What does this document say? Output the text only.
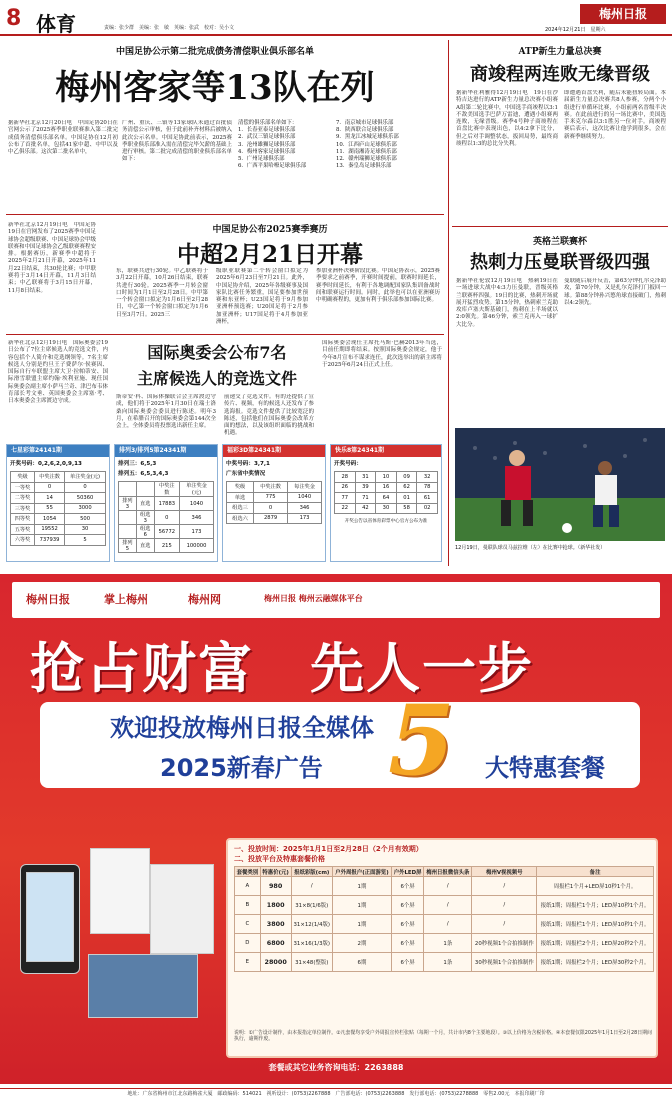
8 体育	责编：张少群　美编：张　敏　英编：张武　校对：吴小文
梅州日报
2024年12月21日　星期六
中国足协公示第二批完成债务清偿职业俱乐部名单
梅州客家等13队在列
据新华社北京12月20日电　中国足协20日在官网公示了2025赛季职业联赛准入第二批完成债务清偿俱乐部名单。中国足协在12月初公布了首批名单，包括41家中超、中甲以及中乙俱乐部。这次第二批名单中，
广州、重庆、三镇等13家球队未通过首批债务清偿公示审核，但于此前补齐材料后被纳入此次公示名单。中国足协此前表示，2025赛季职业俱乐部准入需在清偿完毕欠薪的基础上进行审核。第二批完成清偿的职业俱乐部名单如下：
清偿的俱乐部名单如下：
1．长春亚泰足球俱乐部
2．武汉三镇足球俱乐部
3．沧州雄狮足球俱乐部
4．梅州客家足球俱乐部
5．广州足球俱乐部
6．广西平果哈嘹足球俱乐部
7．南京城市足球俱乐部
8．陕西联合足球俱乐部
9．黑龙江冰城足球俱乐部
10．江西庐山足球俱乐部
11．湖南湘涛足球俱乐部
12．赣州瑞狮足球俱乐部
13．秦皇岛足球俱乐部
中国足协公布2025赛季赛历
中超2月21日开幕
新华社北京12月19日电　中国足协19日在官网发布了2025赛季中国足球协会超级联赛、中国足球协会甲级联赛和中国足球协会乙级联赛赛程安排。根据赛历，新赛季中超将于2025年2月21日开幕，2025年11月22日结束，共30轮比赛；中甲联赛将于3月14日开幕，11月3日结束；中乙联赛将于3月15日开幕，11月8日结束。
东，联赛共进行30轮。中乙联赛将于3月22日开幕，10月26日结束，联赛共进行30轮。2025赛季一月转会窗口时间为1月1日至2月28日。中甲第一个转会窗口拟定为1月6日至2月28日，中乙第一个转会窗口拟定为1月6日至3月7日。2025三
级职业联赛第二个转会窗口拟定为2025年6月23日至7月21日。此外，中国足协介绍，2025年各级赛事及国家队比赛任务繁重，国足要参加世预赛和东亚杯；U23国足将于9月参加亚洲杯预选赛；U20国足将于2月参加亚洲杯；U17国足将于4月参加亚洲杯，
参加亚洲杯决赛阶段比赛。中国足协表示，2025赛季要求之前赛季，开赛时间提前，联赛时间延长，赛季时间延长，有利于各地调配国家队集训备战时间和联赛运行时间。同时，此举也可以在亚洲赛历中明确赛程的，更加有利于俱乐部参加国际比赛。
新华社北京12月19日电　国际奥委会19日公布了7位主席候选人的竞选文件，内容包括个人简介和竞选纲领等。7名主席候选人分别是约旦王子费萨尔·侯赛因、国际自行车联盟主席大卫·拉帕蒂安、国际滑雪联盟主席约翰·埃利亚施、现任国际奥委会副主席小萨马兰奇、津巴布韦体育部长考文垂、英国奥委会主席塞·考、日本奥委会主席渡边守成。
国际奥委会公布7名
主席候选人的竞选文件
斯蒂安·科、国际体操联合会主席渡边守成，他们将于2025年1月30日在瑞士洛桑向国际奥委会委员进行陈述。明年3月，在希腊召开的国际奥委会第144次全会上，全体委员将投票选出新任主席。
前递交了竞选文件。有的还提供了宣传片、视频，有的候选人还发布了参选海报。竞选文件提供了比较宽泛的陈述，包括他们在国际奥委会改革方面的想法，以及该组织面临的挑战和机遇。
国际奥委会现任主席托马斯·巴赫2013年当选，目前任期即将结束。按照国际奥委会规定，他于今年8月宣布不谋求连任，此次选举出的新主席将于2025年6月24日正式上任。
七星彩第24141期
开奖号码：0,2,6,2,0,9,13
奖级	中奖注数	单注奖金(元)
一等奖	0	0
二等奖	14	50360
三等奖	55	3000
四等奖	1054	500
五等奖	19552	30
六等奖	737939	5
排列3/排列5第24341期
排列三：6,5,3
排列五：6,5,3,4,3
		中奖注数	单注奖金(元)
排列3	直选	17883	1040
	组选3	0	346
	组选6	56772	173
排列5	直选	215	100000
福彩3D第24341期
中奖号码：3,7,1
广东省中奖情况
奖级	中奖注数	每注奖金
单选	775	1040
组选三	0	346
组选六	2879	173
快乐8第24341期
开奖号码：
28	31	10	09	32
26	39	16	62	78
77	71	64	01	61
22	42	30	58	02
开奖公告以省体育彩票中心官方公布为准
ATP新生力量总决赛
商竣程两连败无缘晋级
据新华社利雅得12月19日电　19日在沙特吉达进行的ATP新生力量总决赛小组赛A组第二轮比赛中，中国选手商竣程以3:1不敌美国选手巴萨万雷迪，遭遇小组赛两连败，无缘晋级。赛季4号种子商竣程在首盘比赛中表现出色，以4:2拿下比分，但之后对手调整状态，扳回局势，最终商竣程以1:3的总比分失利。
即遭遇首盘失利，随后未能扭转局面。本届新生力量总决赛共8人参赛，分两个小组进行单循环比赛，小组前两名晋级半决赛。在此前进行的另一场比赛中，美国选手米克尔森以3:1胜另一位对手。商竣程赛后表示，这次比赛让他学到很多，会在新赛季继续努力。
英格兰联赛杯
热刺力压曼联晋级四强
据新华社伦敦12月19日电　热刺19日在一场进球大战中4:3力压曼联，晋级英格兰联赛杯四强。19日的比赛，热刺开场就展开猛烈攻势。第15分钟，热刺索兰克助攻库卢塞夫斯基破门，热刺在上半场就以2:0领先。第46分钟，索兰克再入一球扩大比分。
曼联随后展开反击，第63分钟扎尔克泽助攻，第70分钟，又是扎尔克泽打门扳回一球。第88分钟孙兴慜角球直接破门，热刺以4:2领先。
12月19日，曼联队球员马兹拉维（左）在比赛中抢球。（新华社发）
梅州日报	掌上梅州	梅州网	梅州日报 梅州云融媒体平台
抢占财富　先人一步
欢迎投放梅州日报全媒体
2025新春广告 5 大特惠套餐
一、投放时间：2025年1月1日至2月28日（2个月有效期）
二、投放平台及特惠套餐价格
套餐类别	特惠价(元)	报纸彩版(cm)	户外周报户(正面游览)	户外LED屏	梅州日报微信头条	梅州V视视频号	备注
A	980	/	1期	6个屏	/	/	周报栏1个月+LED屏10秒1个月。
B	1800	31×8(1/6版)	1期	6个屏	/	/	报纸1期；周报栏1个月；LED屏10秒1个月。
C	3800	31×12(1/4版)	1期	6个屏	/	/	报纸1期；周报栏1个月；LED屏10秒1个月。
D	6800	31×16(1/3版)	2期	6个屏	1条	20秒视频1个合拍推制作	报纸1期；周报栏2个月；LED屏20秒2个月。
E	28000	31×48(整版)	6期	6个屏	1条	30秒视频1个合拍推制作	报纸1期；周报栏2个月；LED屏30秒2个月。
说明：①广告设计制作，由本报指定单位制作。②凡套餐均享受户外周报宣传栏张贴（每期一个月，共计市内8个主要地段）。③以上价格为含税价格。④本套餐仅限2025年1月1日至2月28日期间执行，逾期作废。
套餐或其它业务咨询电话：2263888
地址：广东省梅州市江北东路梅雀大厦　邮政编码：514021　视听设计：(0753)2267888　广告部电话：(0753)2263888　发行部电话：(0753)2278888　零售2.00元　本报印刷厂印
